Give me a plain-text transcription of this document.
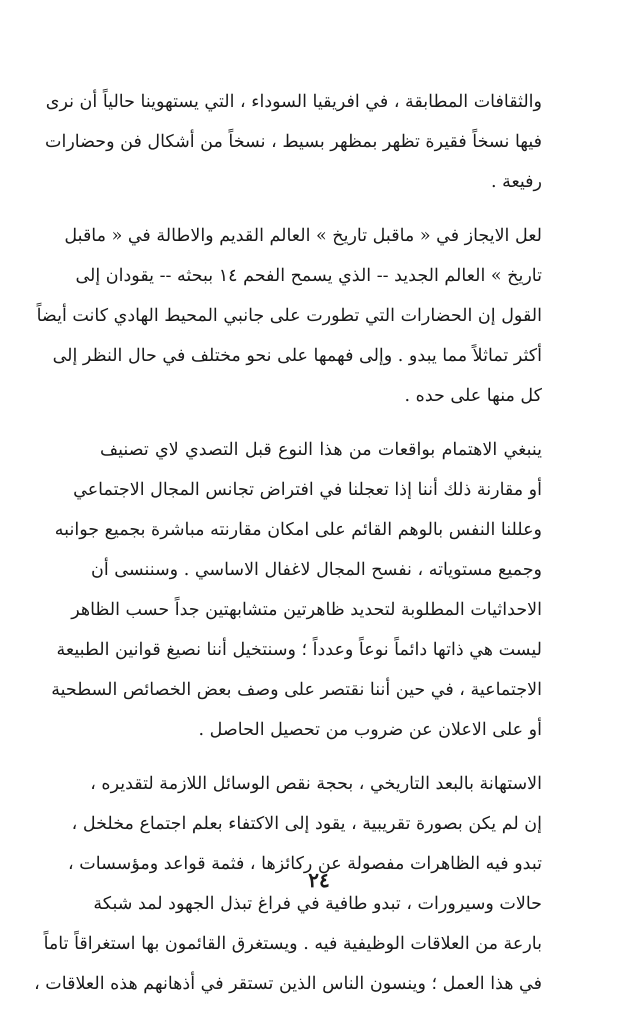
والثقافات المطابقة ، في افريقيا السوداء ، التي يستهوينا حالياً أن نرى
فيها نسخاً فقيرة تظهر بمظهر بسيط ، نسخاً من أشكال فن وحضارات
رفيعة .

لعل الايجاز في « ماقبل تاريخ » العالم القديم والاطالة في « ماقبل
تاريخ » العالم الجديد -- الذي يسمح الفحم ١٤ ببحثه -- يقودان إلى
القول إن الحضارات التي تطورت على جانبي المحيط الهادي كانت أيضاً
أكثر تماثلاً مما يبدو . وإلى فهمها على نحو مختلف في حال النظر إلى
كل منها على حده .

ينبغي الاهتمام بواقعات من هذا النوع قبل التصدي لاي تصنيف
أو مقارنة ذلك أننا إذا تعجلنا في افتراض تجانس المجال الاجتماعي
وعللنا النفس بالوهم القائم على امكان مقارنته مباشرة بجميع جوانبه
وجميع مستوياته ، نفسح المجال لاغفال الاساسي . وسننسى أن
الاحداثيات المطلوبة لتحديد ظاهرتين متشابهتين جداً حسب الظاهر
ليست هي ذاتها دائماً نوعاً وعدداً ؛ وسنتخيل أننا نصيغ قوانين الطبيعة
الاجتماعية ، في حين أننا نقتصر على وصف بعض الخصائص السطحية
أو على الاعلان عن ضروب من تحصيل الحاصل .

الاستهانة بالبعد التاريخي ، بحجة نقص الوسائل اللازمة لتقديره ،
إن لم يكن بصورة تقريبية ، يقود إلى الاكتفاء بعلم اجتماع مخلخل ،
تبدو فيه الظاهرات مفصولة عن ركائزها ، فثمة قواعد ومؤسسات ،
حالات وسيرورات ، تبدو طافية في فراغ تبذل الجهود لمد شبكة
بارعة من العلاقات الوظيفية فيه . ويستغرق القائمون بها استغراقاً تاماً
في هذا العمل ؛ وينسون الناس الذين تستقر في أذهانهم هذه العلاقات ،

٢٤
